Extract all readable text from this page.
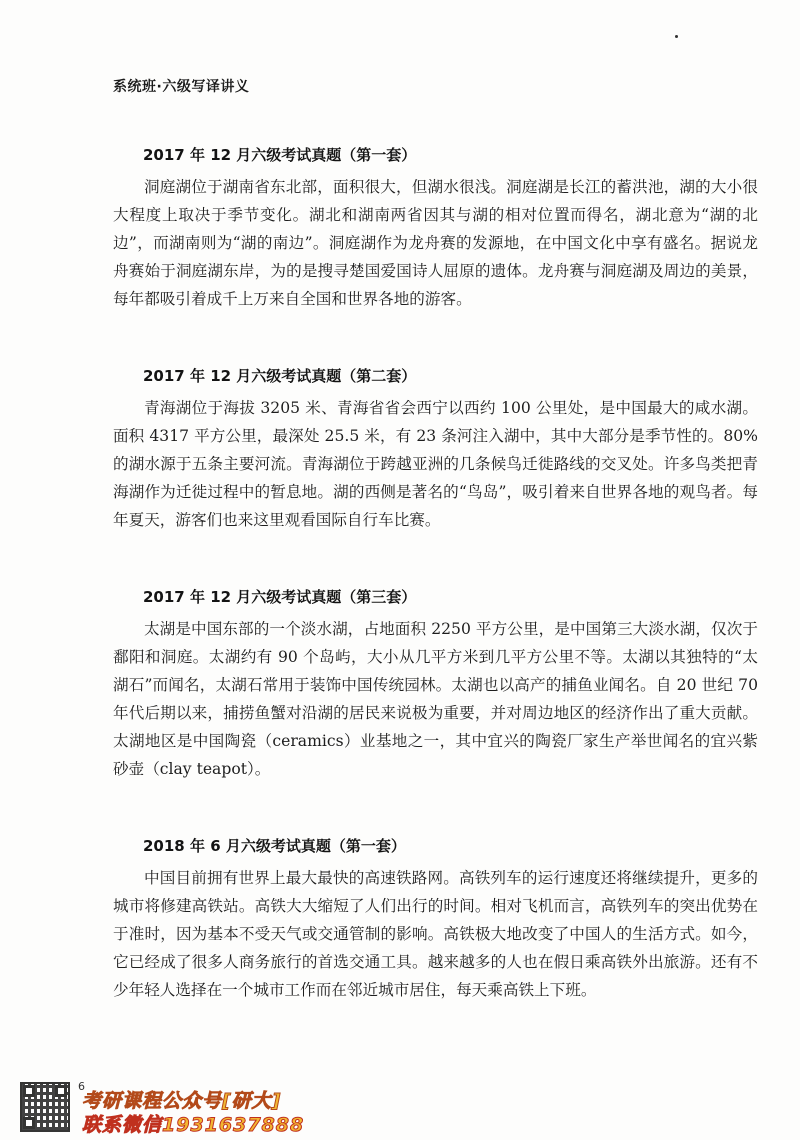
系统班·六级写译讲义
2017 年 12 月六级考试真题（第一套）

洞庭湖位于湖南省东北部，面积很大，但湖水很浅。洞庭湖是长江的蓄洪池，湖的大小很大程度上取决于季节变化。湖北和湖南两省因其与湖的相对位置而得名，湖北意为“湖的北边”，而湖南则为“湖的南边”。洞庭湖作为龙舟赛的发源地，在中国文化中享有盛名。据说龙舟赛始于洞庭湖东岸，为的是搜寻楚国爱国诗人屈原的遗体。龙舟赛与洞庭湖及周边的美景，每年都吸引着成千上万来自全国和世界各地的游客。

2017 年 12 月六级考试真题（第二套）

青海湖位于海拔 3205 米、青海省省会西宁以西约 100 公里处，是中国最大的咸水湖。面积 4317 平方公里，最深处 25.5 米，有 23 条河注入湖中，其中大部分是季节性的。80% 的湖水源于五条主要河流。青海湖位于跨越亚洲的几条候鸟迁徙路线的交叉处。许多鸟类把青海湖作为迁徙过程中的暂息地。湖的西侧是著名的“鸟岛”，吸引着来自世界各地的观鸟者。每年夏天，游客们也来这里观看国际自行车比赛。

2017 年 12 月六级考试真题（第三套）

太湖是中国东部的一个淡水湖，占地面积 2250 平方公里，是中国第三大淡水湖，仅次于鄱阳和洞庭。太湖约有 90 个岛屿，大小从几平方米到几平方公里不等。太湖以其独特的“太湖石”而闻名，太湖石常用于装饰中国传统园林。太湖也以高产的捕鱼业闻名。自 20 世纪 70 年代后期以来，捕捞鱼蟹对沿湖的居民来说极为重要，并对周边地区的经济作出了重大贡献。太湖地区是中国陶瓷（ceramics）业基地之一，其中宜兴的陶瓷厂家生产举世闻名的宜兴紫砂壶（clay teapot）。

2018 年 6 月六级考试真题（第一套）

中国目前拥有世界上最大最快的高速铁路网。高铁列车的运行速度还将继续提升，更多的城市将修建高铁站。高铁大大缩短了人们出行的时间。相对飞机而言，高铁列车的突出优势在于准时，因为基本不受天气或交通管制的影响。高铁极大地改变了中国人的生活方式。如今，它已经成了很多人商务旅行的首选交通工具。越来越多的人也在假日乘高铁外出旅游。还有不少年轻人选择在一个城市工作而在邻近城市居住，每天乘高铁上下班。

6
考研课程公众号[研大]
联系微信1931637888
